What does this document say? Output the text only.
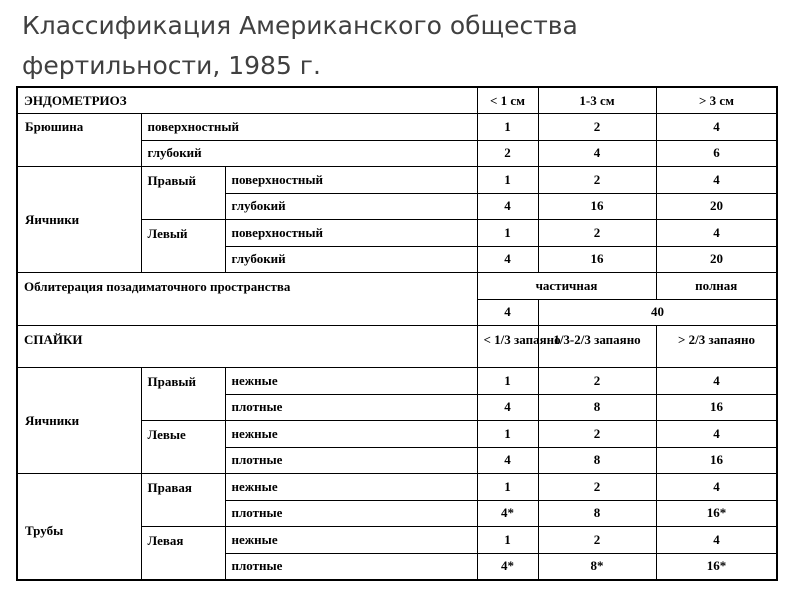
Классификация Американского общества
фертильности, 1985 г.
ЭНДОМЕТРИОЗ			< 1 см	1-3 см	> 3 см	
Брюшина	поверхностный		1	2	4	
	глубокий		2	4	6	
Яичники	Правый	поверхностный	1	2	4	
		глубокий	4	16	20	
	Левый	поверхностный	1	2	4	
		глубокий	4	16	20	
Облитерация позадиматочного пространства			частичная		полная	
			4	40		
СПАЙКИ			< 1/3 запаяно	1/3-2/3 запаяно	> 2/3 запаяно	
Яичники	Правый	нежные	1	2	4	
		плотные	4	8	16	
	Левые	нежные	1	2	4	
		плотные	4	8	16	
Трубы	Правая	нежные	1	2	4	
		плотные	4*	8	16*	
	Левая	нежные	1	2	4	
		плотные	4*	8*	16*	
